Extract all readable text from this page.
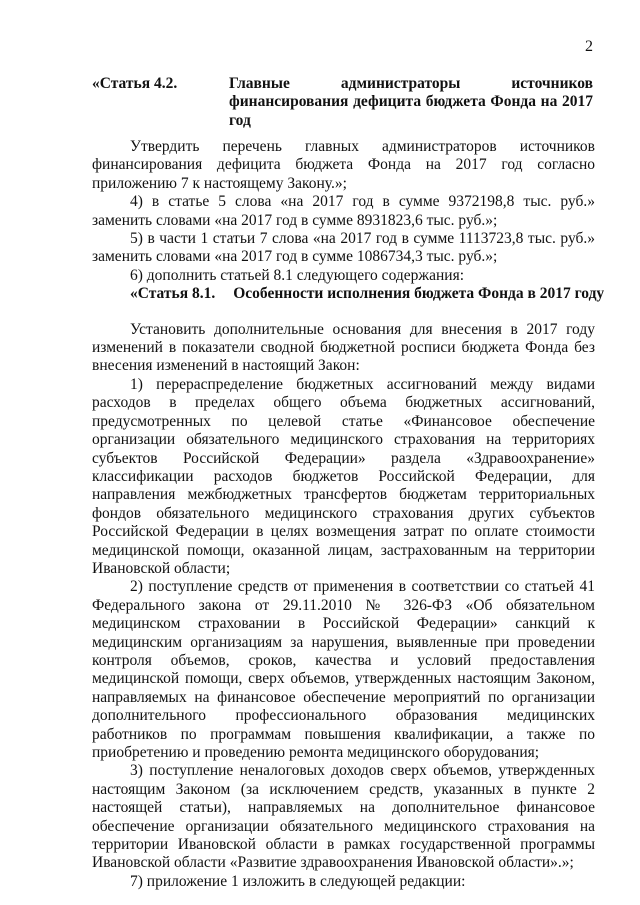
2
«Статья 4.2.	Главные администраторы источников финансирования дефицита бюджета Фонда на 2017 год

Утвердить перечень главных администраторов источников финансирования дефицита бюджета Фонда на 2017 год согласно приложению 7 к настоящему Закону.»;

4) в статье 5 слова «на 2017 год в сумме 9372198,8 тыс. руб.» заменить словами «на 2017 год в сумме 8931823,6 тыс. руб.»;

5) в части 1 статьи 7 слова «на 2017 год в сумме 1113723,8 тыс. руб.» заменить словами «на 2017 год в сумме 1086734,3 тыс. руб.»;

6) дополнить статьей 8.1 следующего содержания:

«Статья 8.1. Особенности исполнения бюджета Фонда в 2017 году

Установить дополнительные основания для внесения в 2017 году изменений в показатели сводной бюджетной росписи бюджета Фонда без внесения изменений в настоящий Закон:

1) перераспределение бюджетных ассигнований между видами расходов в пределах общего объема бюджетных ассигнований, предусмотренных по целевой статье «Финансовое обеспечение организации обязательного медицинского страхования на территориях субъектов Российской Федерации» раздела «Здравоохранение» классификации расходов бюджетов Российской Федерации, для направления межбюджетных трансфертов бюджетам территориальных фондов обязательного медицинского страхования других субъектов Российской Федерации в целях возмещения затрат по оплате стоимости медицинской помощи, оказанной лицам, застрахованным на территории Ивановской области;

2) поступление средств от применения в соответствии со статьей 41 Федерального закона от 29.11.2010 № 326-ФЗ «Об обязательном медицинском страховании в Российской Федерации» санкций к медицинским организациям за нарушения, выявленные при проведении контроля объемов, сроков, качества и условий предоставления медицинской помощи, сверх объемов, утвержденных настоящим Законом, направляемых на финансовое обеспечение мероприятий по организации дополнительного профессионального образования медицинских работников по программам повышения квалификации, а также по приобретению и проведению ремонта медицинского оборудования;

3) поступление неналоговых доходов сверх объемов, утвержденных настоящим Законом (за исключением средств, указанных в пункте 2 настоящей статьи), направляемых на дополнительное финансовое обеспечение организации обязательного медицинского страхования на территории Ивановской области в рамках государственной программы Ивановской области «Развитие здравоохранения Ивановской области».»;

7) приложение 1 изложить в следующей редакции:
